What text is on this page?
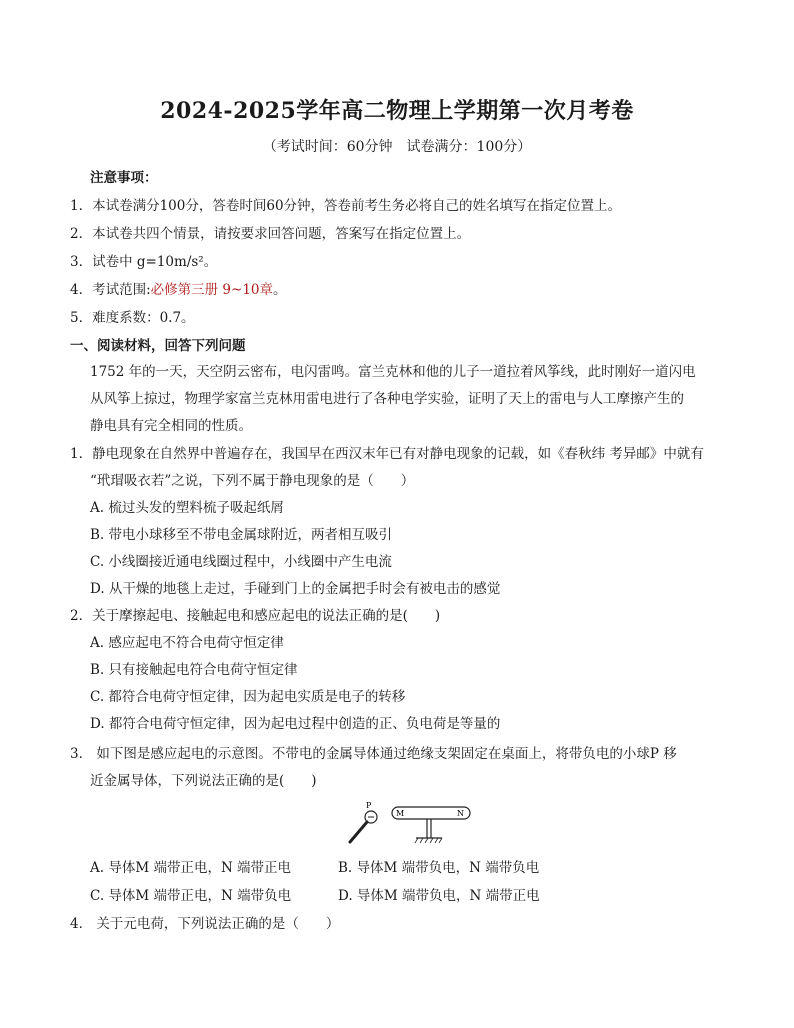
2024-2025学年高二物理上学期第一次月考卷
（考试时间：60分钟　试卷满分：100分）
注意事项：
1．本试卷满分100分，答卷时间60分钟，答卷前考生务必将自己的姓名填写在指定位置上。
2．本试卷共四个情景，请按要求回答问题，答案写在指定位置上。
3．试卷中 g=10m/s²。
4．考试范围:必修第三册 9~10章。
5．难度系数：0.7。
一、阅读材料，回答下列问题
1752 年的一天，天空阴云密布，电闪雷鸣。富兰克林和他的儿子一道拉着风筝线，此时刚好一道闪电
从风筝上掠过，物理学家富兰克林用雷电进行了各种电学实验，证明了天上的雷电与人工摩擦产生的
静电具有完全相同的性质。
1．静电现象在自然界中普遍存在，我国早在西汉末年已有对静电现象的记载，如《春秋纬 考异邮》中就有
“玳瑁吸衣若”之说，下列不属于静电现象的是（　　）
A. 梳过头发的塑料梳子吸起纸屑
B. 带电小球移至不带电金属球附近，两者相互吸引
C. 小线圈接近通电线圈过程中，小线圈中产生电流
D. 从干燥的地毯上走过，手碰到门上的金属把手时会有被电击的感觉
2．关于摩擦起电、接触起电和感应起电的说法正确的是(　　)
A. 感应起电不符合电荷守恒定律
B. 只有接触起电符合电荷守恒定律
C. 都符合电荷守恒定律，因为起电实质是电子的转移
D. 都符合电荷守恒定律，因为起电过程中创造的正、负电荷是等量的
3． 如下图是感应起电的示意图。不带电的金属导体通过绝缘支架固定在桌面上，将带负电的小球P 移
近金属导体，下列说法正确的是(　　)
P
M	N
A. 导体M 端带正电，N 端带正电	B. 导体M 端带负电，N 端带负电
C. 导体M 端带正电，N 端带负电	D. 导体M 端带负电，N 端带正电
4． 关于元电荷，下列说法正确的是（　　）
